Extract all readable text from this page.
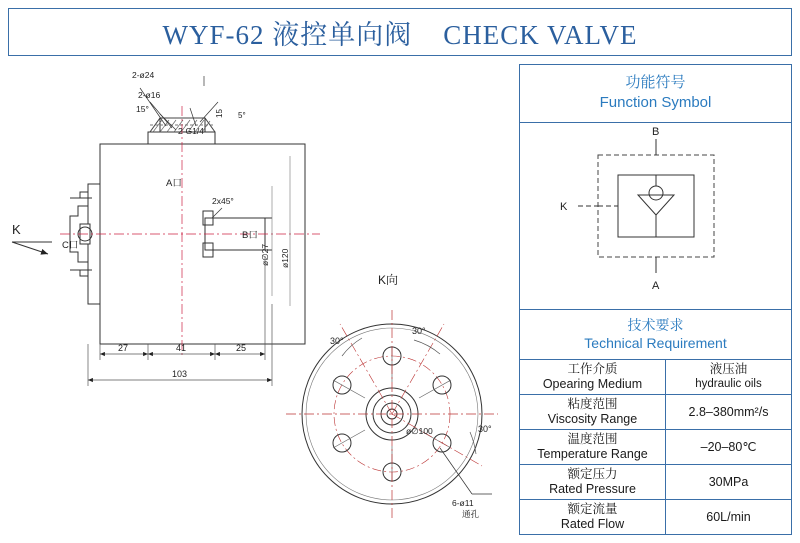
WYF-62 液控单向阀    CHECK VALVE
2-ø24
2-ø16
15°
2-G1/4
15 5°
A口
B口
C口
2x45°
ø∅27 ø120
K
27	41	25
103
K向
30°
30°
30°
ø∅100
6-ø11
通孔
功能符号
Function Symbol
B
A
K
技术要求
Technical Requirement
工作介质
Opearing Medium
液压油
hydraulic oils
粘度范围
Viscosity Range
2.8–380mm²/s
温度范围
Temperature Range
–20–80℃
额定压力
Rated Pressure
30MPa
额定流量
Rated Flow
60L/min
